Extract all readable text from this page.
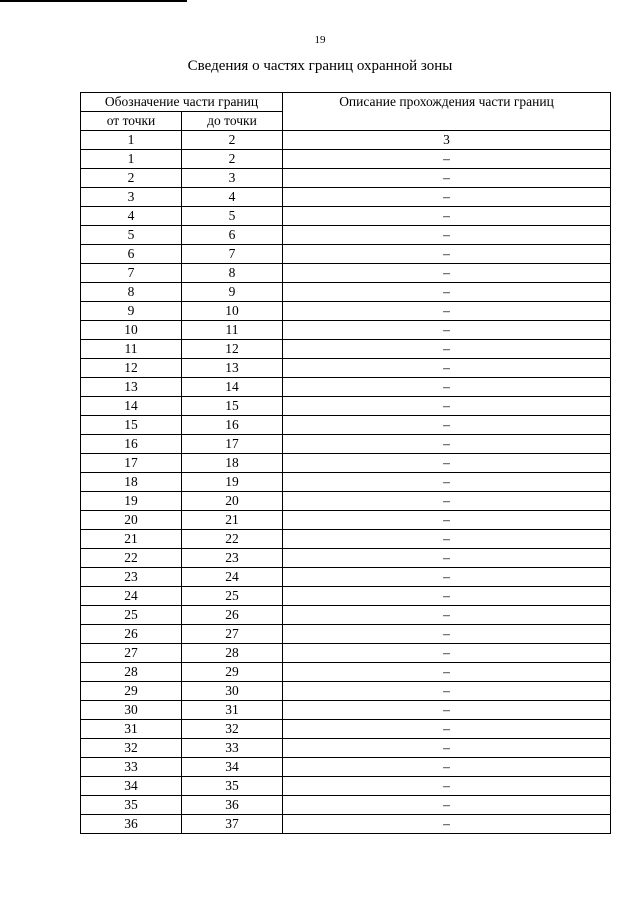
19
Сведения о частях границ охранной зоны
Обозначение части границ		Описание прохождения части границ
от точки	до точки	
1	2	3
1	2	–
2	3	–
3	4	–
4	5	–
5	6	–
6	7	–
7	8	–
8	9	–
9	10	–
10	11	–
11	12	–
12	13	–
13	14	–
14	15	–
15	16	–
16	17	–
17	18	–
18	19	–
19	20	–
20	21	–
21	22	–
22	23	–
23	24	–
24	25	–
25	26	–
26	27	–
27	28	–
28	29	–
29	30	–
30	31	–
31	32	–
32	33	–
33	34	–
34	35	–
35	36	–
36	37	–
